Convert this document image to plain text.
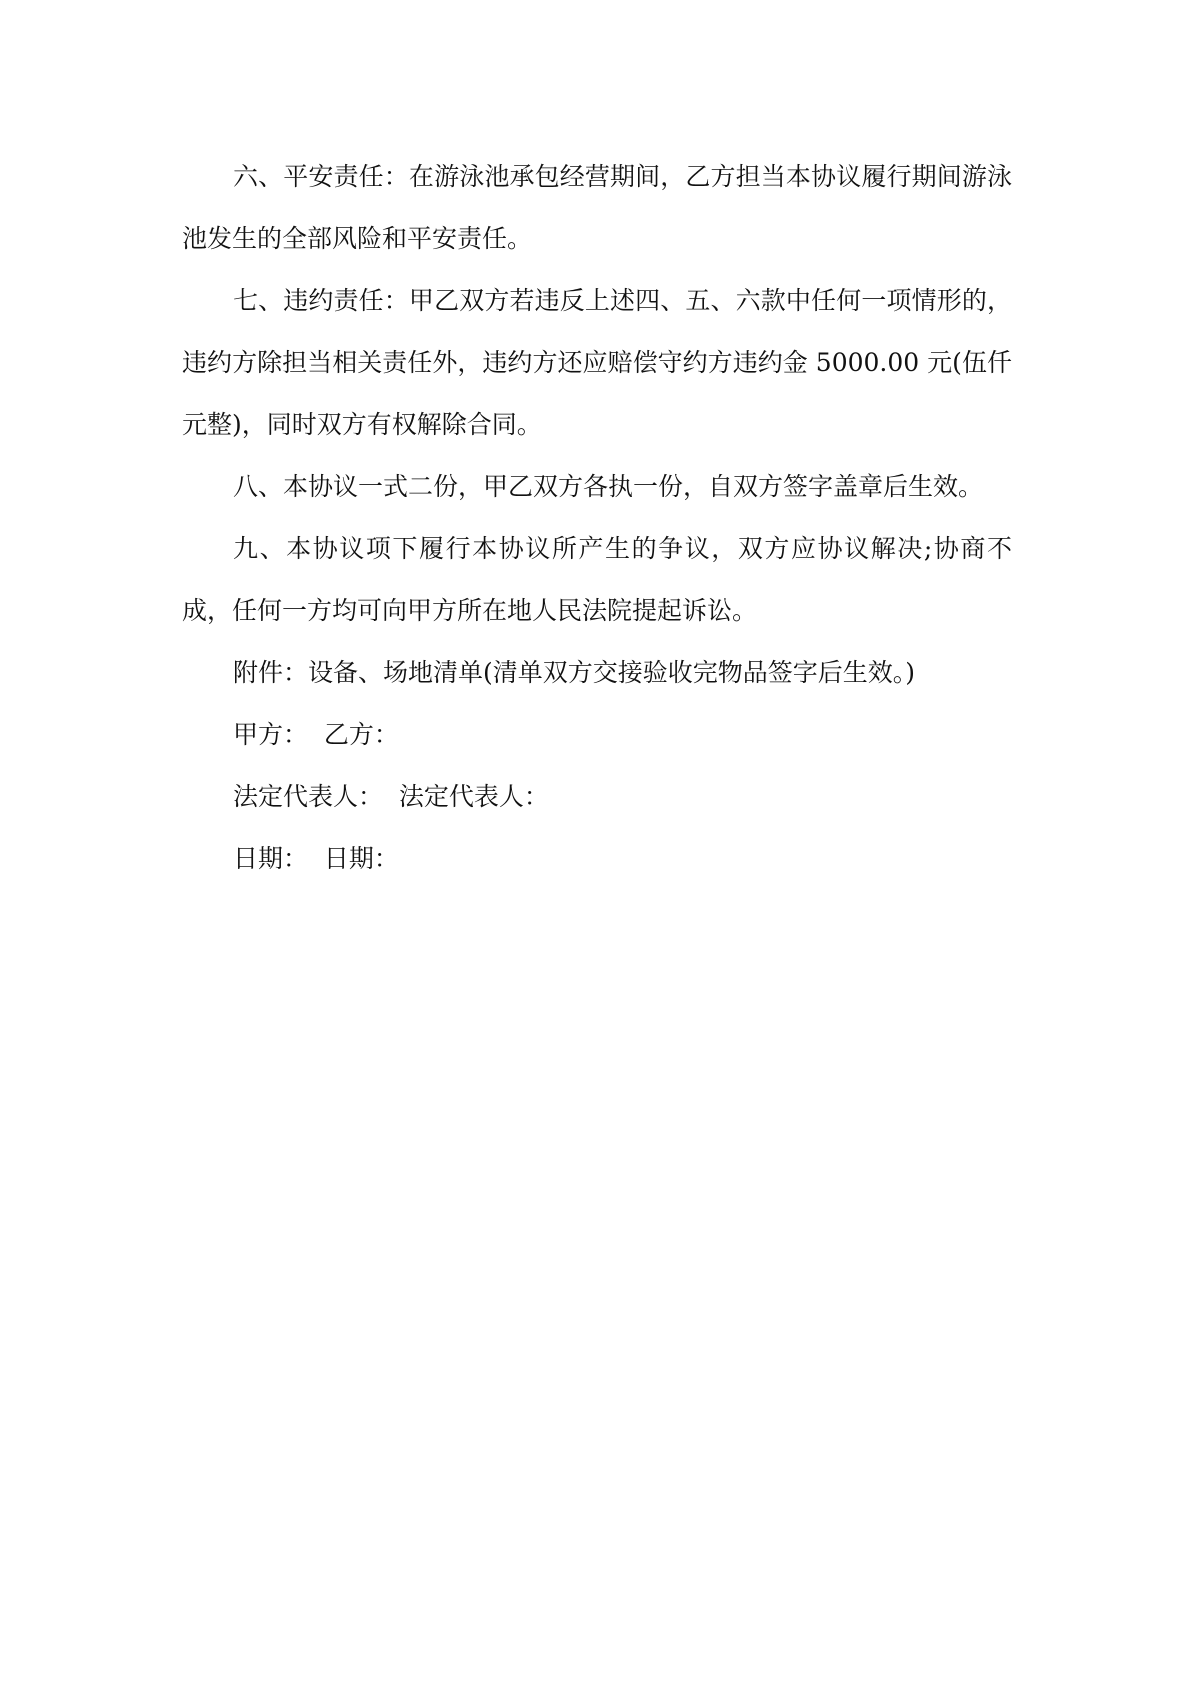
六、平安责任：在游泳池承包经营期间，乙方担当本协议履行期间游泳池发生的全部风险和平安责任。

七、违约责任：甲乙双方若违反上述四、五、六款中任何一项情形的，违约方除担当相关责任外，违约方还应赔偿守约方违约金 5000.00 元(伍仟元整)，同时双方有权解除合同。

八、本协议一式二份，甲乙双方各执一份，自双方签字盖章后生效。

九、本协议项下履行本协议所产生的争议，双方应协议解决;协商不成，任何一方均可向甲方所在地人民法院提起诉讼。

附件：设备、场地清单(清单双方交接验收完物品签字后生效。)

甲方：  乙方：

法定代表人：  法定代表人：

日期：  日期：
